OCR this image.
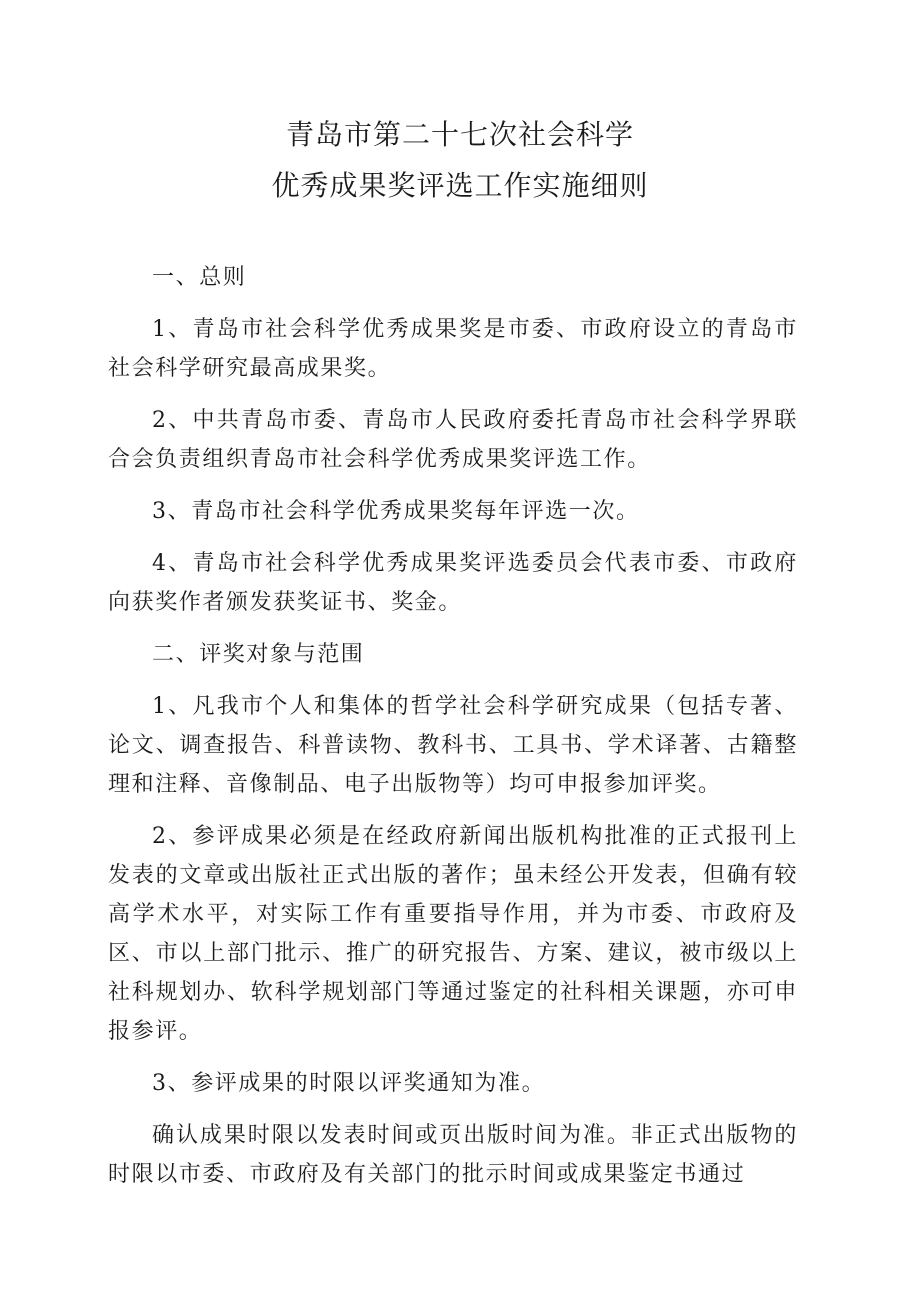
青岛市第二十七次社会科学
优秀成果奖评选工作实施细则

一、总则

1、青岛市社会科学优秀成果奖是市委、市政府设立的青岛市社会科学研究最高成果奖。

2、中共青岛市委、青岛市人民政府委托青岛市社会科学界联合会负责组织青岛市社会科学优秀成果奖评选工作。

3、青岛市社会科学优秀成果奖每年评选一次。

4、青岛市社会科学优秀成果奖评选委员会代表市委、市政府向获奖作者颁发获奖证书、奖金。

二、评奖对象与范围

1、凡我市个人和集体的哲学社会科学研究成果（包括专著、论文、调查报告、科普读物、教科书、工具书、学术译著、古籍整理和注释、音像制品、电子出版物等）均可申报参加评奖。

2、参评成果必须是在经政府新闻出版机构批准的正式报刊上发表的文章或出版社正式出版的著作；虽未经公开发表，但确有较高学术水平，对实际工作有重要指导作用，并为市委、市政府及区、市以上部门批示、推广的研究报告、方案、建议，被市级以上社科规划办、软科学规划部门等通过鉴定的社科相关课题，亦可申报参评。

3、参评成果的时限以评奖通知为准。

确认成果时限以发表时间或页出版时间为准。非正式出版物的时限以市委、市政府及有关部门的批示时间或成果鉴定书通过
